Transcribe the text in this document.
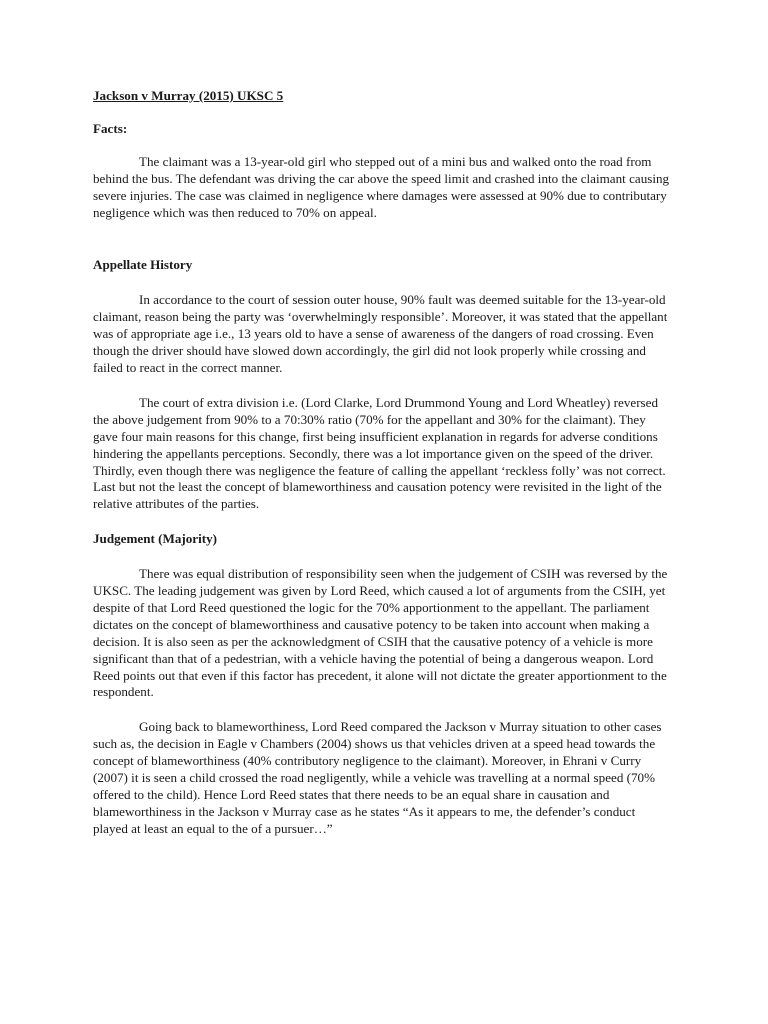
Jackson v Murray (2015) UKSC 5
Facts:

The claimant was a 13-year-old girl who stepped out of a mini bus and walked onto the road from behind the bus. The defendant was driving the car above the speed limit and crashed into the claimant causing severe injuries. The case was claimed in negligence where damages were assessed at 90% due to contributary negligence which was then reduced to 70% on appeal.

Appellate History

In accordance to the court of session outer house, 90% fault was deemed suitable for the 13-year-old claimant, reason being the party was ‘overwhelmingly responsible’. Moreover, it was stated that the appellant was of appropriate age i.e., 13 years old to have a sense of awareness of the dangers of road crossing. Even though the driver should have slowed down accordingly, the girl did not look properly while crossing and failed to react in the correct manner.

The court of extra division i.e. (Lord Clarke, Lord Drummond Young and Lord Wheatley) reversed the above judgement from 90% to a 70:30% ratio (70% for the appellant and 30% for the claimant). They gave four main reasons for this change, first being insufficient explanation in regards for adverse conditions hindering the appellants perceptions. Secondly, there was a lot importance given on the speed of the driver. Thirdly, even though there was negligence the feature of calling the appellant ‘reckless folly’ was not correct. Last but not the least the concept of blameworthiness and causation potency were revisited in the light of the relative attributes of the parties.

Judgement (Majority)

There was equal distribution of responsibility seen when the judgement of CSIH was reversed by the UKSC. The leading judgement was given by Lord Reed, which caused a lot of arguments from the CSIH, yet despite of that Lord Reed questioned the logic for the 70% apportionment to the appellant. The parliament dictates on the concept of blameworthiness and causative potency to be taken into account when making a decision. It is also seen as per the acknowledgment of CSIH that the causative potency of a vehicle is more significant than that of a pedestrian, with a vehicle having the potential of being a dangerous weapon. Lord Reed points out that even if this factor has precedent, it alone will not dictate the greater apportionment to the respondent.

Going back to blameworthiness, Lord Reed compared the Jackson v Murray situation to other cases such as, the decision in Eagle v Chambers (2004) shows us that vehicles driven at a speed head towards the concept of blameworthiness (40% contributory negligence to the claimant). Moreover, in Ehrani v Curry (2007) it is seen a child crossed the road negligently, while a vehicle was travelling at a normal speed (70% offered to the child). Hence Lord Reed states that there needs to be an equal share in causation and blameworthiness in the Jackson v Murray case as he states “As it appears to me, the defender’s conduct played at least an equal to the of a pursuer…”
